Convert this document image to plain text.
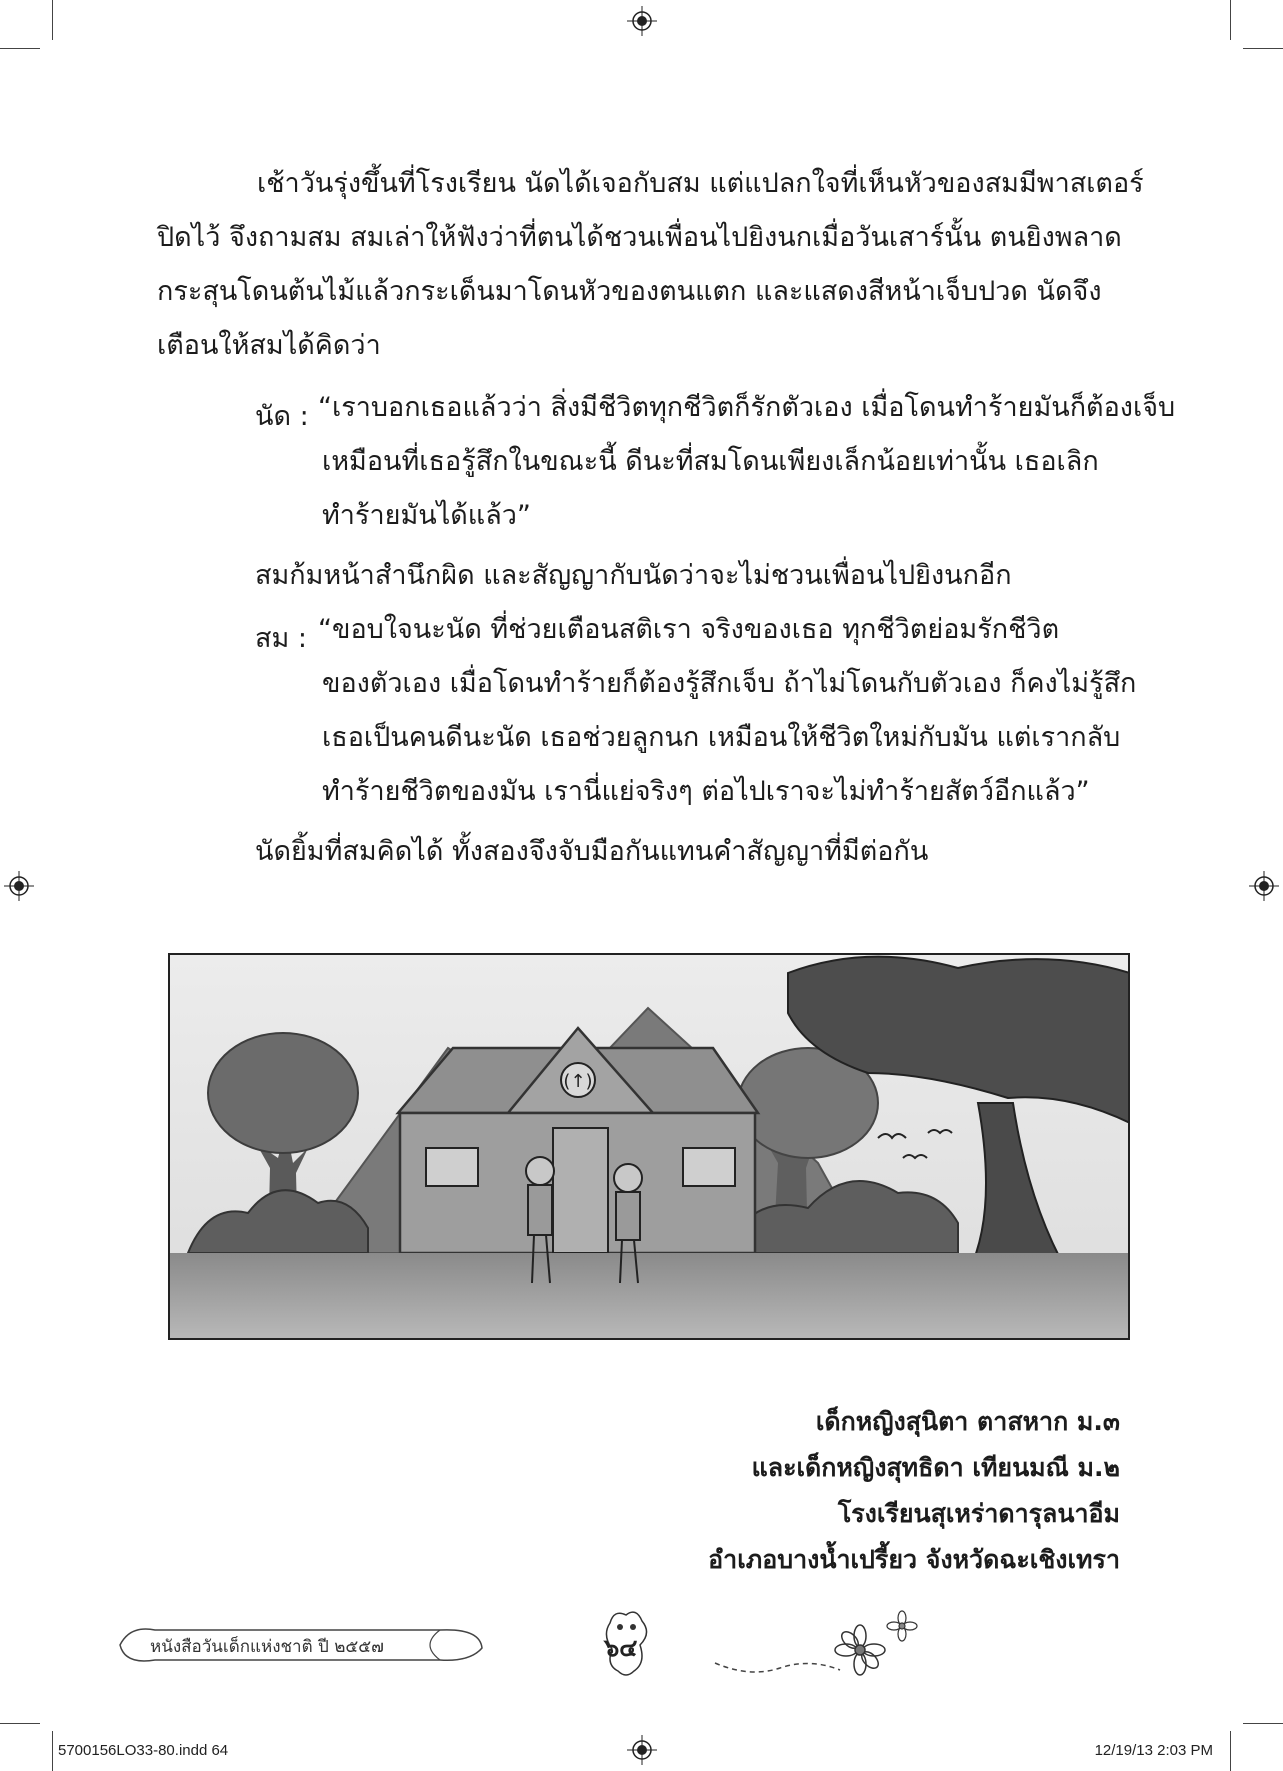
เช้าวันรุ่งขึ้นที่โรงเรียน นัดได้เจอกับสม แต่แปลกใจที่เห็นหัวของสมมีพาสเตอร์
ปิดไว้ จึงถามสม สมเล่าให้ฟังว่าที่ตนได้ชวนเพื่อนไปยิงนกเมื่อวันเสาร์นั้น ตนยิงพลาด
กระสุนโดนต้นไม้แล้วกระเด็นมาโดนหัวของตนแตก และแสดงสีหน้าเจ็บปวด นัดจึง
เตือนให้สมได้คิดว่า
นัด : “เราบอกเธอแล้วว่า สิ่งมีชีวิตทุกชีวิตก็รักตัวเอง เมื่อโดนทำร้ายมันก็ต้องเจ็บ
เหมือนที่เธอรู้สึกในขณะนี้ ดีนะที่สมโดนเพียงเล็กน้อยเท่านั้น เธอเลิก
ทำร้ายมันได้แล้ว”
สมก้มหน้าสำนึกผิด และสัญญากับนัดว่าจะไม่ชวนเพื่อนไปยิงนกอีก
สม : “ขอบใจนะนัด ที่ช่วยเตือนสติเรา จริงของเธอ ทุกชีวิตย่อมรักชีวิต
ของตัวเอง เมื่อโดนทำร้ายก็ต้องรู้สึกเจ็บ ถ้าไม่โดนกับตัวเอง ก็คงไม่รู้สึก
เธอเป็นคนดีนะนัด เธอช่วยลูกนก เหมือนให้ชีวิตใหม่กับมัน แต่เรากลับ
ทำร้ายชีวิตของมัน เรานี่แย่จริงๆ ต่อไปเราจะไม่ทำร้ายสัตว์อีกแล้ว”
นัดยิ้มที่สมคิดได้ ทั้งสองจึงจับมือกันแทนคำสัญญาที่มีต่อกัน
(↑)
เด็กหญิงสุนิตา ตาสหาก ม.๓
และเด็กหญิงสุทธิดา เทียนมณี ม.๒
โรงเรียนสุเหร่าดารุลนาอีม
อำเภอบางน้ำเปรี้ยว จังหวัดฉะเชิงเทรา
หนังสือวันเด็กแห่งชาติ ปี ๒๕๕๗	๖๔
5700156LO33-80.indd 64	12/19/13 2:03 PM
